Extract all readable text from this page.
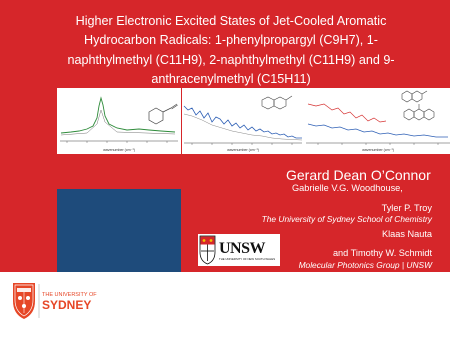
Higher Electronic Excited States of Jet-Cooled Aromatic Hydrocarbon Radicals: 1-phenylpropargyl (C9H7), 1-naphthylmethyl (C11H9), 2-naphthylmethyl (C11H9) and 9-anthracenylmethyl (C15H11)
wavenumber (cm⁻¹)	wavenumber (cm⁻¹)	wavenumber (cm⁻¹)

Gerard Dean O’Connor

Gabrielle V.G. Woodhouse,

Tyler P. Troy

The University of Sydney School of Chemistry

Klaas Nauta

and Timothy W. Schmidt

Molecular Photonics Group | UNSW

UNSW
THE UNIVERSITY OF NEW SOUTH WALES
THE UNIVERSITY OF
SYDNEY
